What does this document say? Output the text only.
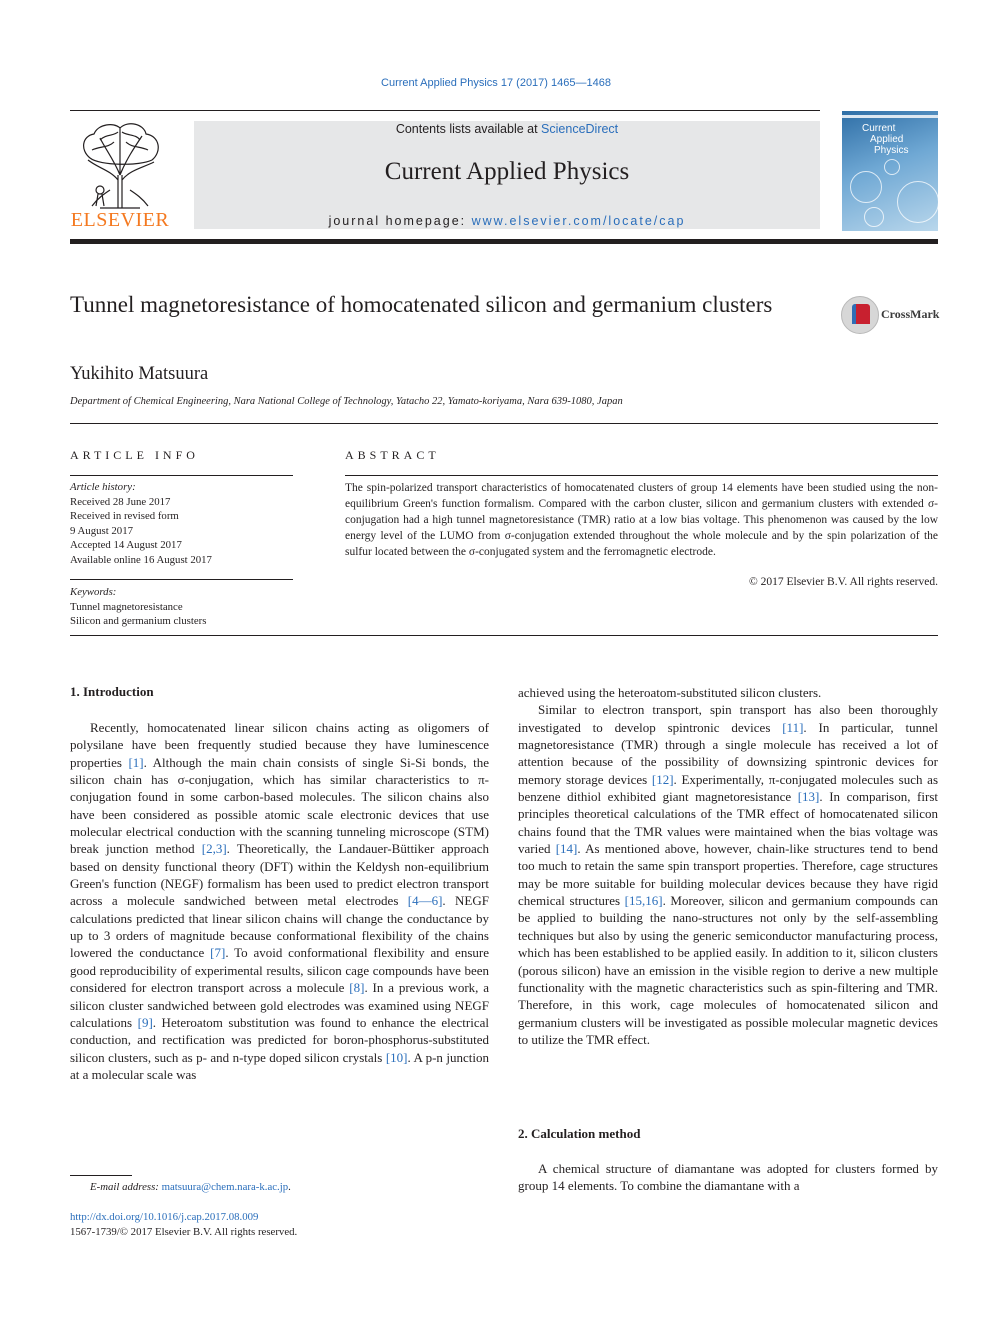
Current Applied Physics 17 (2017) 1465—1468
ELSEVIER
Contents lists available at ScienceDirect
Current Applied Physics
journal homepage: www.elsevier.com/locate/cap
Current
Applied
Physics
Tunnel magnetoresistance of homocatenated silicon and germanium clusters	CrossMark
Yukihito Matsuura
Department of Chemical Engineering, Nara National College of Technology, Yatacho 22, Yamato-koriyama, Nara 639-1080, Japan
ARTICLE INFO
Article history:
Received 28 June 2017
Received in revised form
9 August 2017
Accepted 14 August 2017
Available online 16 August 2017
Keywords:
Tunnel magnetoresistance
Silicon and germanium clusters
ABSTRACT
The spin-polarized transport characteristics of homocatenated clusters of group 14 elements have been studied using the non-equilibrium Green's function formalism. Compared with the carbon cluster, silicon and germanium clusters with extended σ-conjugation had a high tunnel magnetoresistance (TMR) ratio at a low bias voltage. This phenomenon was caused by the low energy level of the LUMO from σ-conjugation extended throughout the whole molecule and by the spin polarization of the sulfur located between the σ-conjugated system and the ferromagnetic electrode.
© 2017 Elsevier B.V. All rights reserved.
1. Introduction

Recently, homocatenated linear silicon chains acting as oligomers of polysilane have been frequently studied because they have luminescence properties [1]. Although the main chain consists of single Si-Si bonds, the silicon chain has σ-conjugation, which has similar characteristics to π-conjugation found in some carbon-based molecules. The silicon chains also have been considered as possible atomic scale electronic devices that use molecular electrical conduction with the scanning tunneling microscope (STM) break junction method [2,3]. Theoretically, the Landauer-Büttiker approach based on density functional theory (DFT) within the Keldysh non-equilibrium Green's function (NEGF) formalism has been used to predict electron transport across a molecule sandwiched between metal electrodes [4—6]. NEGF calculations predicted that linear silicon chains will change the conductance by up to 3 orders of magnitude because conformational flexibility of the chains lowered the conductance [7]. To avoid conformational flexibility and ensure good reproducibility of experimental results, silicon cage compounds have been considered for electron transport across a molecule [8]. In a previous work, a silicon cluster sandwiched between gold electrodes was examined using NEGF calculations [9]. Heteroatom substitution was found to enhance the electrical conduction, and rectification was predicted for boron-phosphorus-substituted silicon clusters, such as p- and n-type doped silicon crystals [10]. A p-n junction at a molecular scale was

achieved using the heteroatom-substituted silicon clusters.

Similar to electron transport, spin transport has also been thoroughly investigated to develop spintronic devices [11]. In particular, tunnel magnetoresistance (TMR) through a single molecule has received a lot of attention because of the possibility of downsizing spintronic devices for memory storage devices [12]. Experimentally, π-conjugated molecules such as benzene dithiol exhibited giant magnetoresistance [13]. In comparison, first principles theoretical calculations of the TMR effect of homocatenated silicon chains found that the TMR values were maintained when the bias voltage was varied [14]. As mentioned above, however, chain-like structures tend to bend too much to retain the same spin transport properties. Therefore, cage structures may be more suitable for building molecular devices because they have rigid chemical structures [15,16]. Moreover, silicon and germanium compounds can be applied to building the nano-structures not only by the self-assembling techniques but also by using the generic semiconductor manufacturing process, which has been established to be applied easily. In addition to it, silicon clusters (porous silicon) have an emission in the visible region to derive a new multiple functionality with the magnetic characteristics such as spin-filtering and TMR. Therefore, in this work, cage molecules of homocatenated silicon and germanium clusters will be investigated as possible molecular magnetic devices to utilize the TMR effect.

2. Calculation method

A chemical structure of diamantane was adopted for clusters formed by group 14 elements. To combine the diamantane with a

E-mail address: matsuura@chem.nara-k.ac.jp.
http://dx.doi.org/10.1016/j.cap.2017.08.009
1567-1739/© 2017 Elsevier B.V. All rights reserved.
